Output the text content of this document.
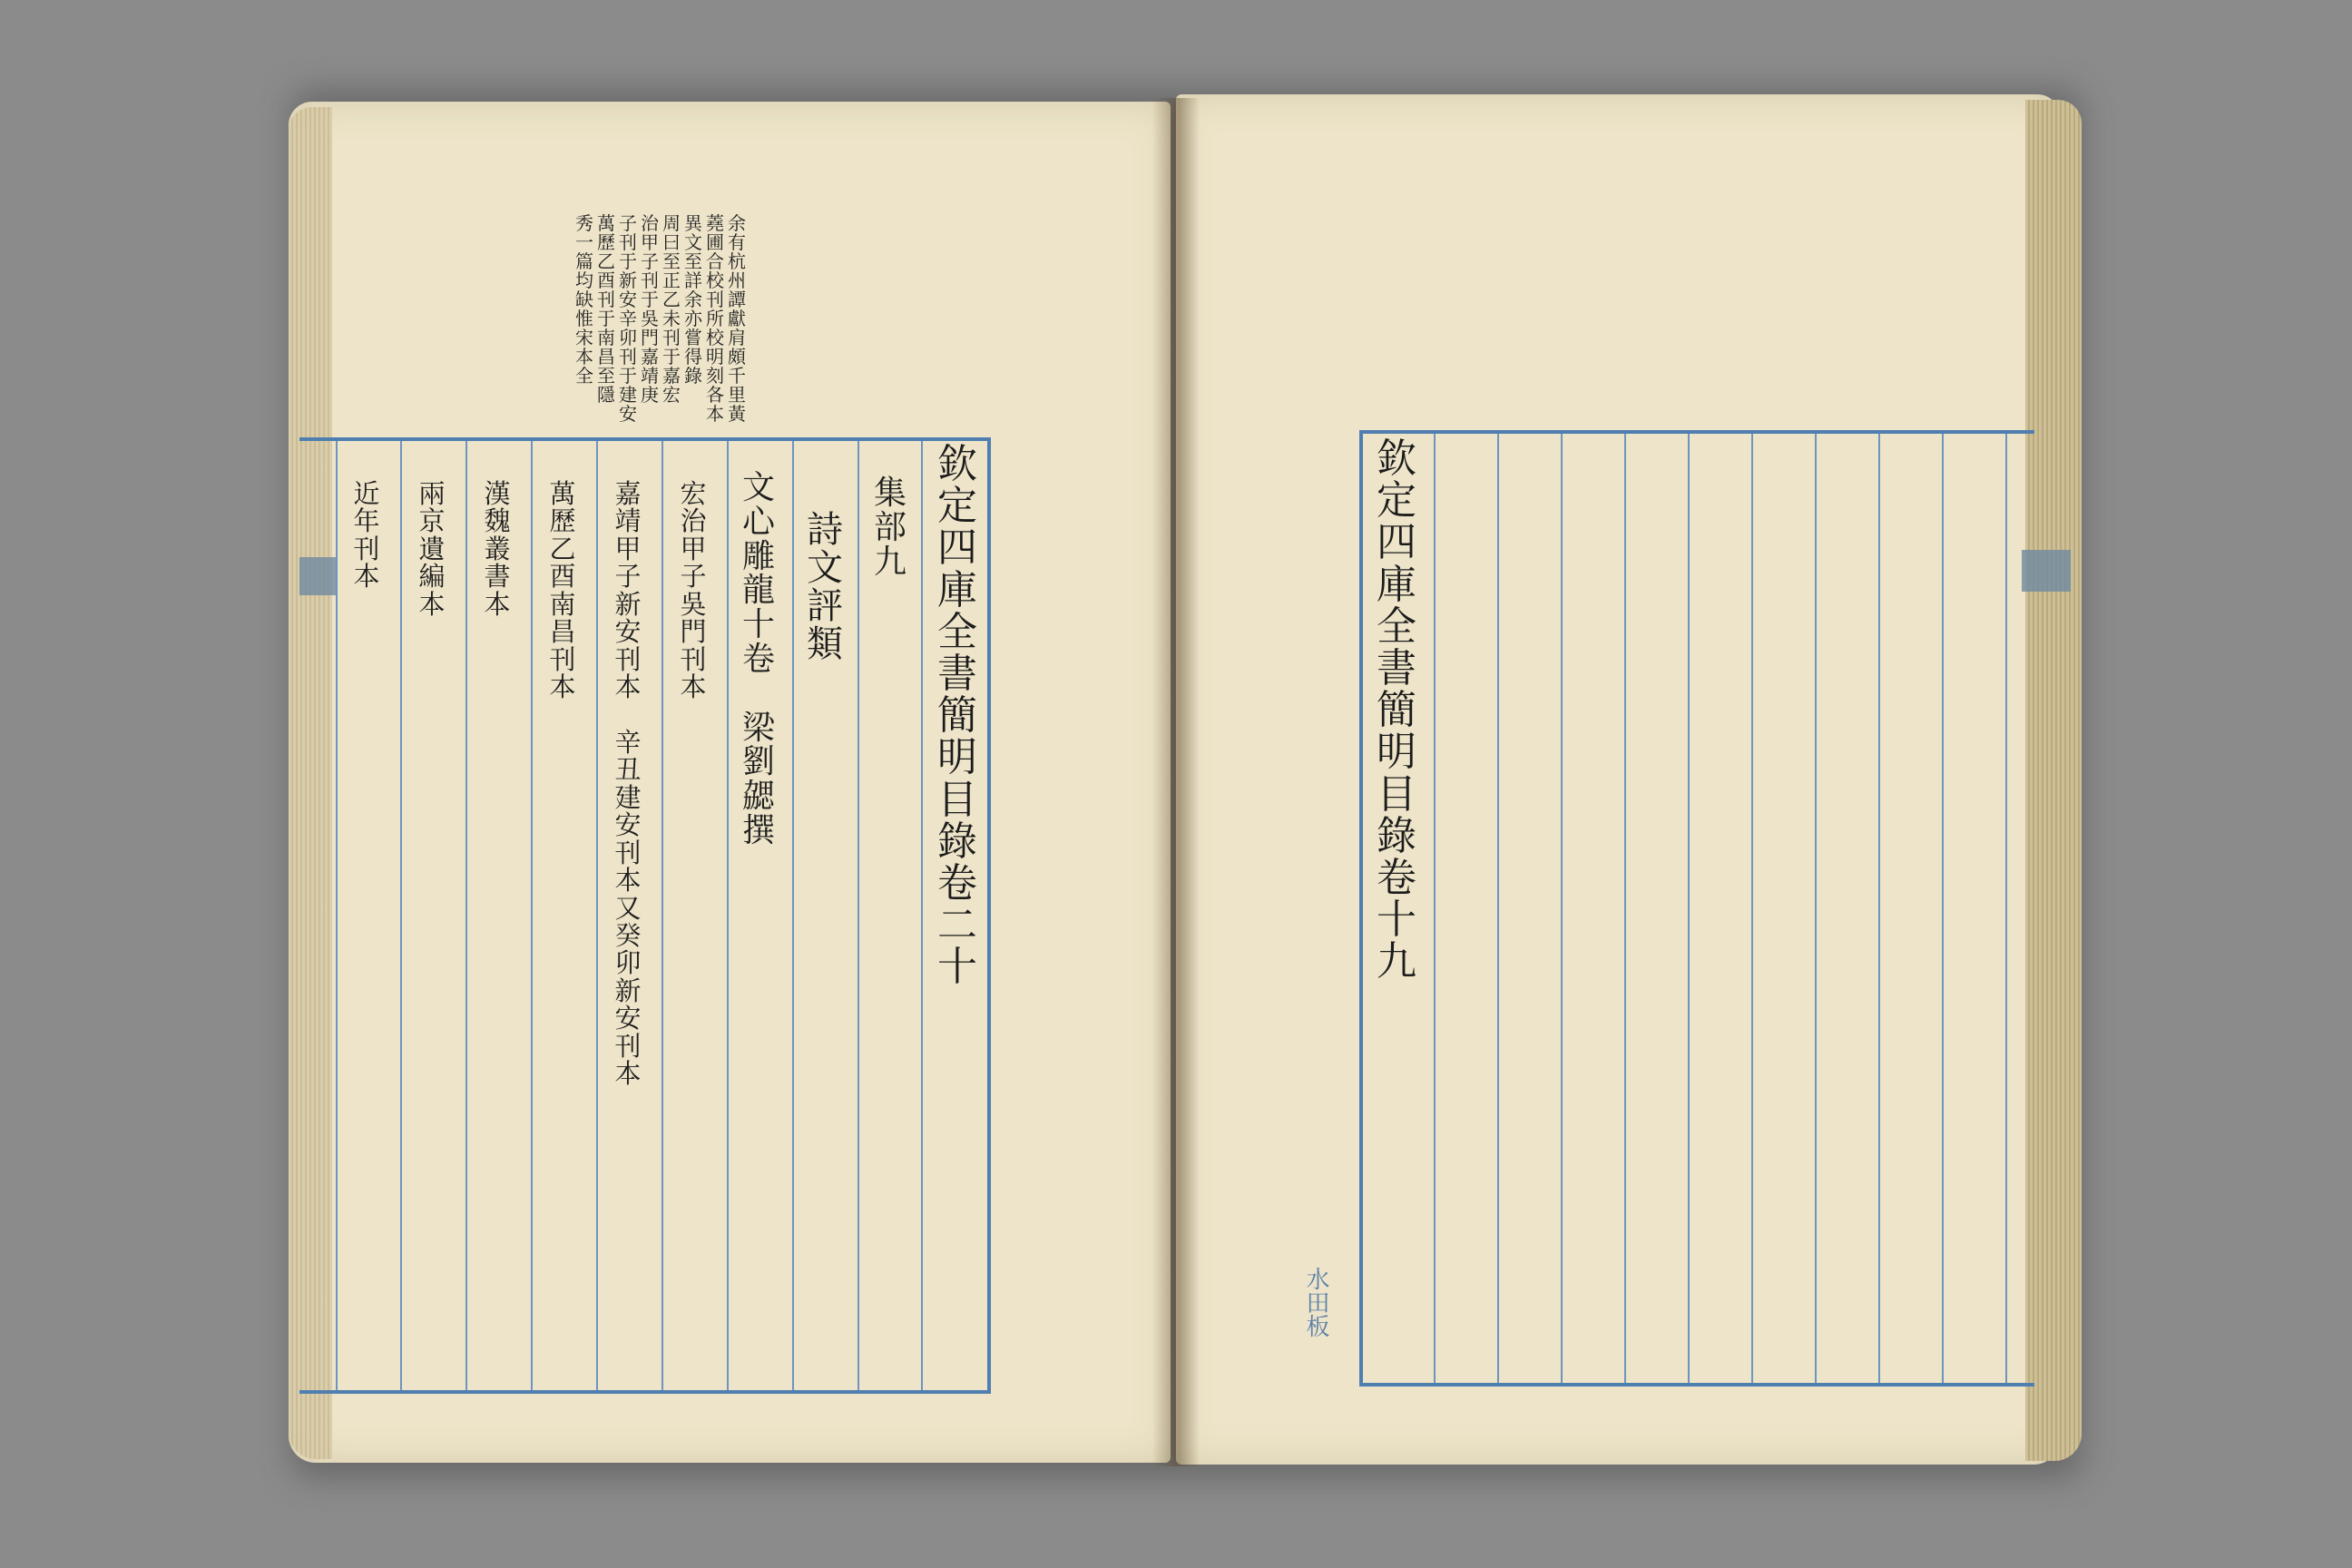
欽
定
四
庫
全
書
簡
明
目
錄
卷
二
十
集
部
九
詩
文
評
類
文
心
雕
龍
十
卷

梁
劉
勰
撰
宏
治
甲
子
吳
門
刊
本
嘉
靖
甲
子
新
安
刊
本

辛
丑
建
安
刊
本
又
癸
卯
新
安
刊
本
萬
歷
乙
酉
南
昌
刊
本
漢
魏
叢
書
本
兩
京
遺
編
本
近
年
刊
本
余
有
杭
州
譚
獻
肩
頗
千
里
黃
蕘
圃
合
校
刊
所
校
明
刻
各
本
異
文
至
詳
余
亦
嘗
得
錄
周
曰
至
正
乙
未
刊
于
嘉
宏
治
甲
子
刊
于
吳
門
嘉
靖
庚
子
刊
于
新
安
辛
卯
刊
于
建
安
萬
歷
乙
酉
刊
于
南
昌
至
隱
秀
一
篇
均
缺
惟
宋
本
全
欽
定
四
庫
全
書
簡
明
目
錄
卷
十
九
水田板
